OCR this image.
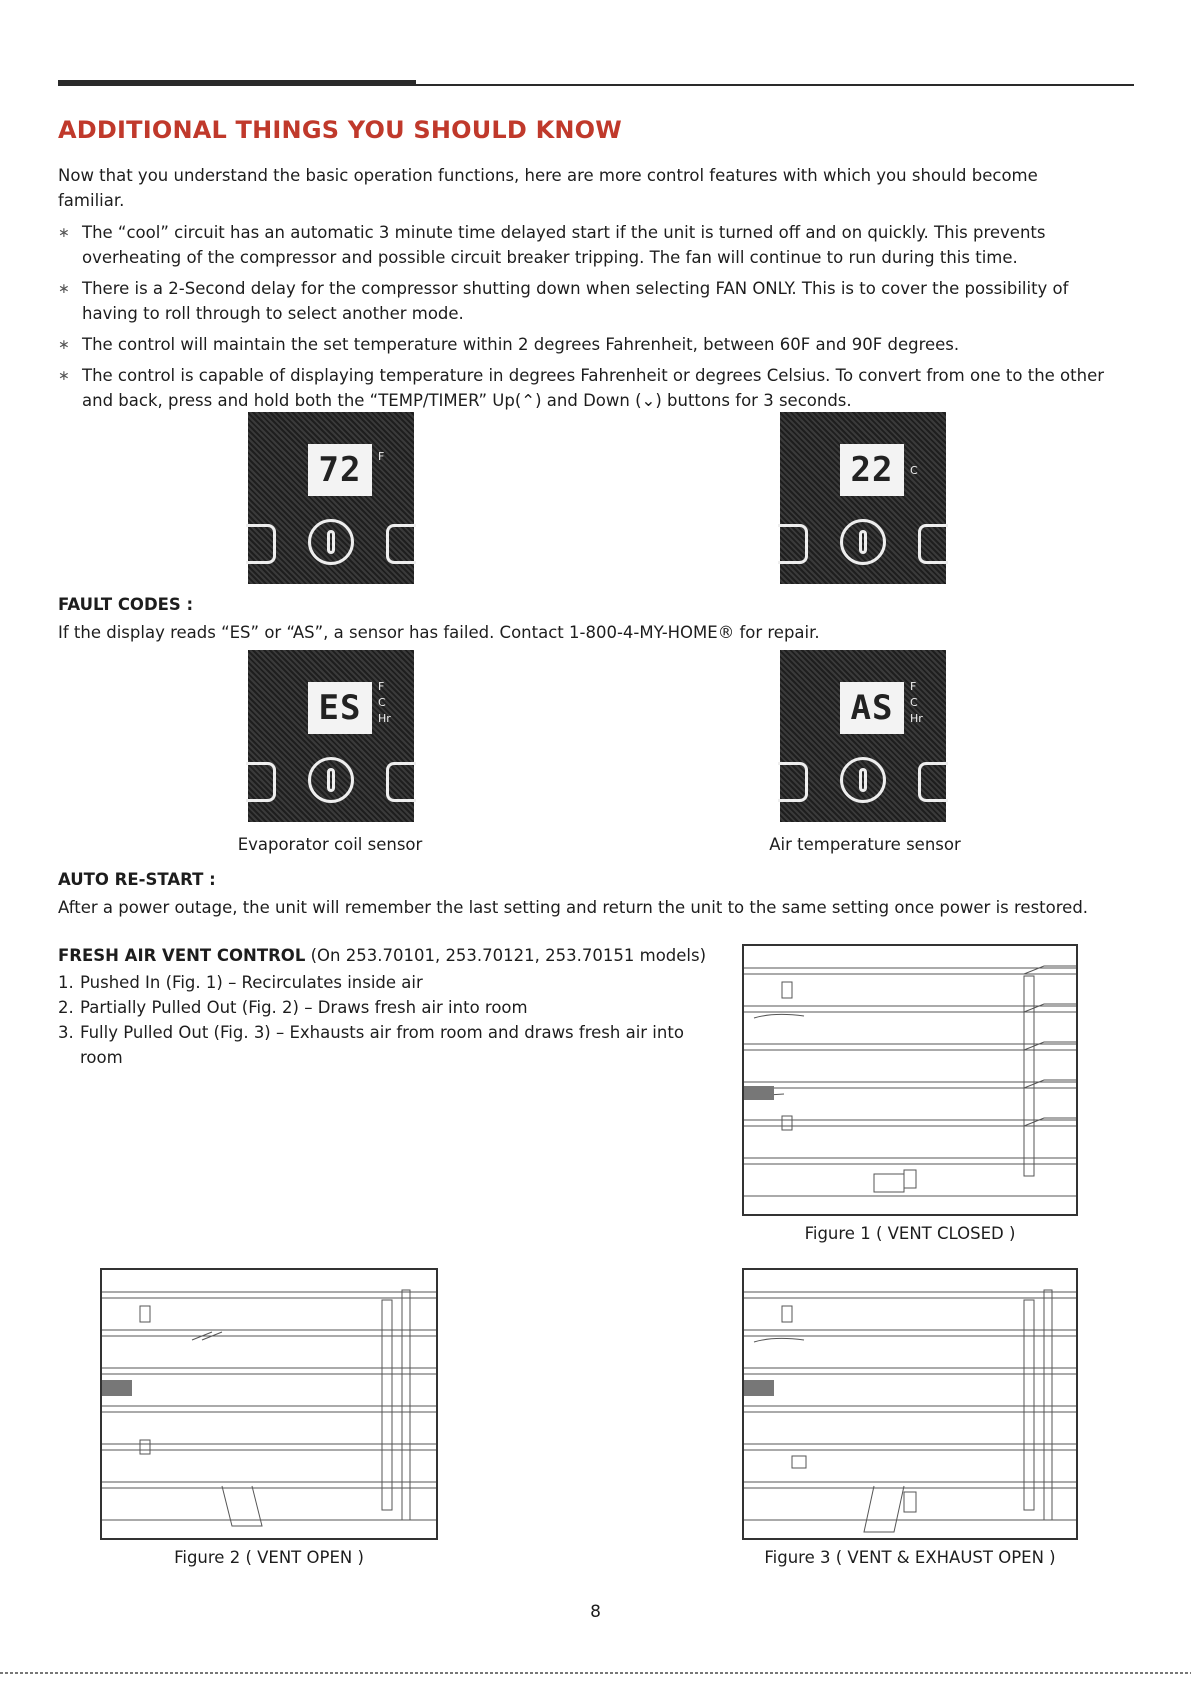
ADDITIONAL THINGS YOU SHOULD KNOW

Now that you understand the basic operation functions, here are more control features with which you should become familiar.

∗ The “cool” circuit has an automatic 3 minute time delayed start if the unit is turned off and on quickly. This prevents overheating of the compressor and possible circuit breaker tripping. The fan will continue to run during this time.
∗ There is a 2-Second delay for the compressor shutting down when selecting FAN ONLY. This is to cover the possibility of having to roll through to select another mode.
∗ The control will maintain the set temperature within 2 degrees Fahrenheit, between 60F and 90F degrees.
∗ The control is capable of displaying temperature in degrees Fahrenheit or degrees Celsius. To convert from one to the other and back, press and hold both the “TEMP/TIMER” Up(⌃) and Down (⌄) buttons for 3 seconds.
72	F	22	C

FAULT CODES :

If the display reads “ES” or “AS”, a sensor has failed. Contact 1-800-4-MY-HOME® for repair.

ES
F
C
Hr	AS
F
C
Hr
Evaporator coil sensor	Air temperature sensor

AUTO RE-START :

After a power outage, the unit will remember the last setting and return the unit to the same setting once power is restored.

FRESH AIR VENT CONTROL (On 253.70101, 253.70121, 253.70151 models)

1. Pushed In (Fig. 1) – Recirculates inside air
2. Partially Pulled Out (Fig. 2) – Draws fresh air into room
3. Fully Pulled Out (Fig. 3) – Exhausts air from room and draws fresh air into room
Figure 1 ( VENT CLOSED )
Figure 2 ( VENT OPEN )	Figure 3 ( VENT & EXHAUST OPEN )
8
